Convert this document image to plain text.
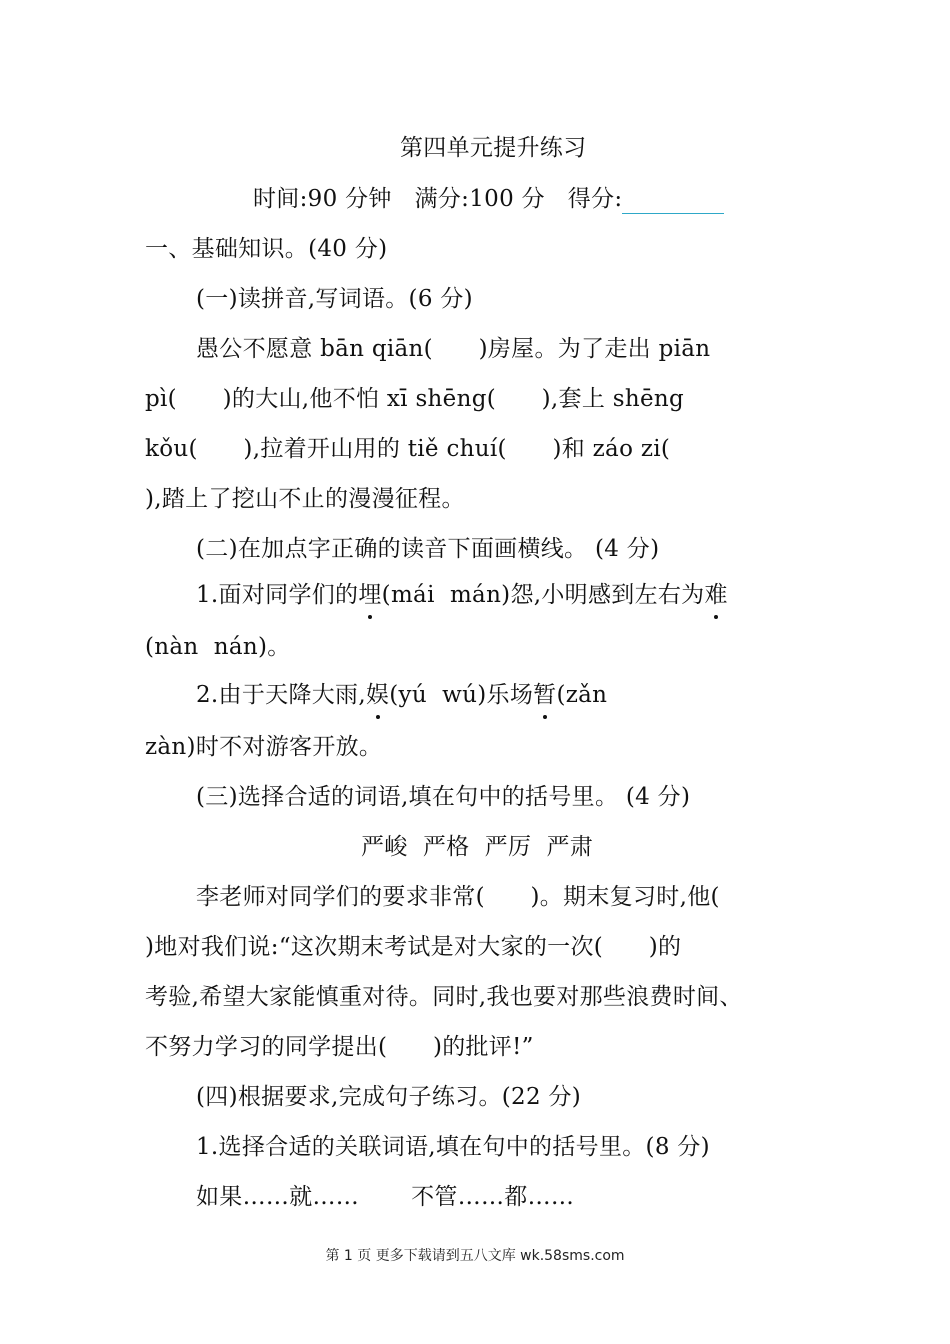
第四单元提升练习
时间:90 分钟 满分:100 分 得分:
一、基础知识。(40 分)
(一)读拼音,写词语。(6 分)
愚公不愿意 bān qiān(      )房屋。为了走出 piān
pì(      )的大山,他不怕 xī shēng(      ),套上 shēng
kǒu(      ),拉着开山用的 tiě chuí(      )和 záo zi(
),踏上了挖山不止的漫漫征程。
(二)在加点字正确的读音下面画横线。 (4 分)
1.面对同学们的埋(mái  mán)怨,小明感到左右为难
(nàn  nán)。
2.由于天降大雨,娱(yú  wú)乐场暂(zǎn
zàn)时不对游客开放。
(三)选择合适的词语,填在句中的括号里。 (4 分)
严峻  严格  严厉  严肃
李老师对同学们的要求非常(      )。期末复习时,他(
)地对我们说:“这次期末考试是对大家的一次(      )的
考验,希望大家能慎重对待。同时,我也要对那些浪费时间、
不努力学习的同学提出(      )的批评!”
(四)根据要求,完成句子练习。(22 分)
1.选择合适的关联词语,填在句中的括号里。(8 分)
如果……就…… 不管……都……
第 1 页 更多下载请到五八文库 wk.58sms.com
